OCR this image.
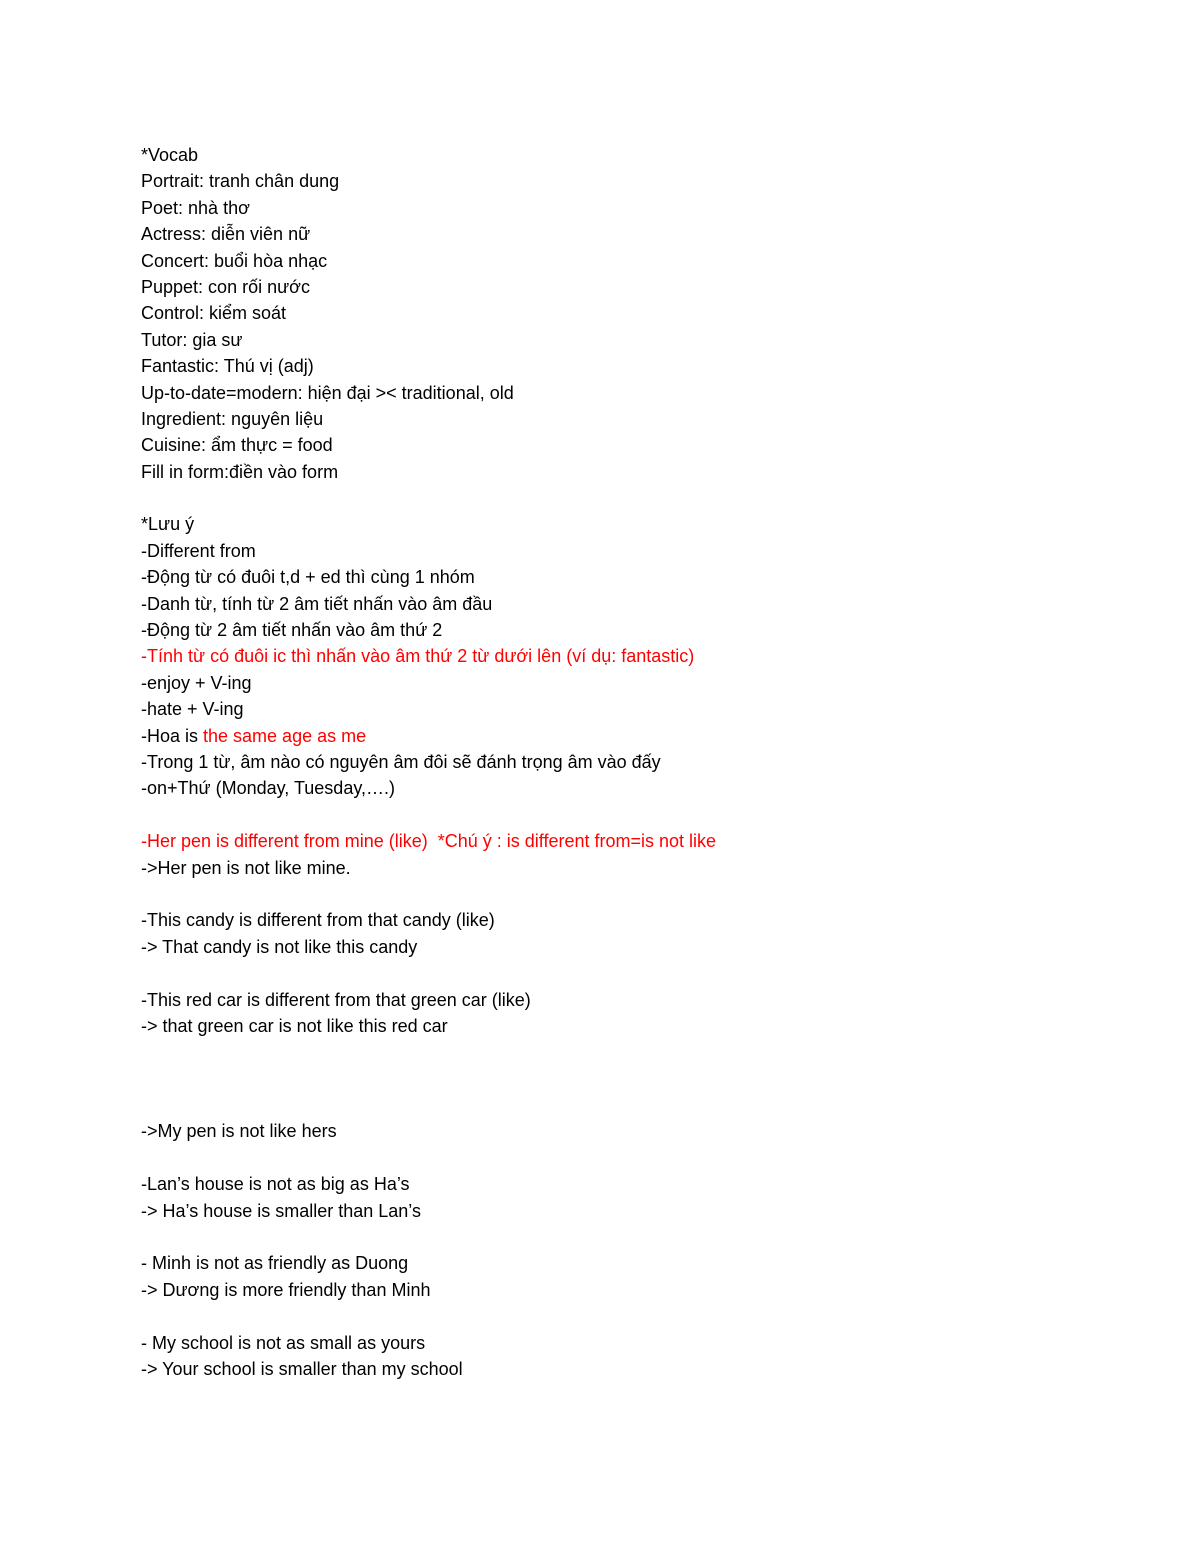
*Vocab
Portrait: tranh chân dung
Poet: nhà thơ
Actress: diễn viên nữ
Concert: buổi hòa nhạc
Puppet: con rối nước
Control: kiểm soát
Tutor: gia sư
Fantastic: Thú vị (adj)
Up-to-date=modern: hiện đại >< traditional, old
Ingredient: nguyên liệu
Cuisine: ẩm thực = food
Fill in form:điền vào form
*Lưu ý
-Different from
-Động từ có đuôi t,d + ed thì cùng 1 nhóm
-Danh từ, tính từ 2 âm tiết nhấn vào âm đầu
-Động từ 2 âm tiết nhấn vào âm thứ 2
-Tính từ có đuôi ic thì nhấn vào âm thứ 2 từ dưới lên (ví dụ: fantastic)
-enjoy + V-ing
-hate + V-ing
-Hoa is the same age as me
-Trong 1 từ, âm nào có nguyên âm đôi sẽ đánh trọng âm vào đấy
-on+Thứ (Monday, Tuesday,….)
-Her pen is different from mine (like)  *Chú ý : is different from=is not like
->Her pen is not like mine.
-This candy is different from that candy (like)
-> That candy is not like this candy
-This red car is different from that green car (like)
-> that green car is not like this red car
->My pen is not like hers
-Lan’s house is not as big as Ha’s
-> Ha’s house is smaller than Lan’s
- Minh is not as friendly as Duong
-> Dương is more friendly than Minh
- My school is not as small as yours
-> Your school is smaller than my school
